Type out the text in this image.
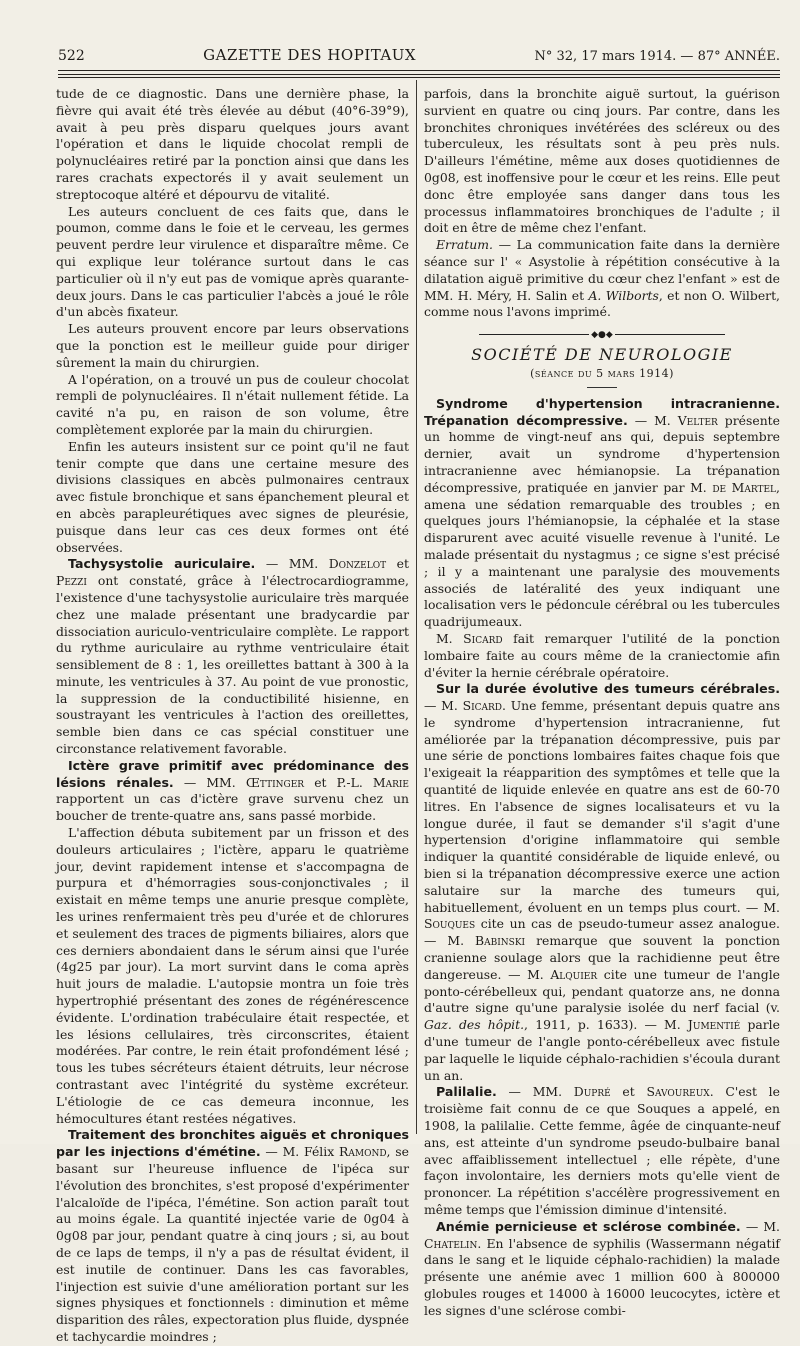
522	GAZETTE DES HOPITAUX	N° 32, 17 mars 1914. — 87° ANNÉE.

tude de ce diagnostic. Dans une dernière phase, la fièvre qui avait été très élevée au début (40°6-39°9), avait à peu près disparu quelques jours avant l'opération et dans le liquide chocolat rempli de polynucléaires retiré par la ponction ainsi que dans les rares crachats expectorés il y avait seulement un streptocoque altéré et dépourvu de vitalité.

Les auteurs concluent de ces faits que, dans le poumon, comme dans le foie et le cerveau, les germes peuvent perdre leur virulence et disparaître même. Ce qui explique leur tolérance surtout dans le cas particulier où il n'y eut pas de vomique après quarante-deux jours. Dans le cas particulier l'abcès a joué le rôle d'un abcès fixateur.

Les auteurs prouvent encore par leurs observations que la ponction est le meilleur guide pour diriger sûrement la main du chirurgien.

A l'opération, on a trouvé un pus de couleur chocolat rempli de polynucléaires. Il n'était nullement fétide. La cavité n'a pu, en raison de son volume, être complètement explorée par la main du chirurgien.

Enfin les auteurs insistent sur ce point qu'il ne faut tenir compte que dans une certaine mesure des divisions classiques en abcès pulmonaires centraux avec fistule bronchique et sans épanchement pleural et en abcès parapleurétiques avec signes de pleurésie, puisque dans leur cas ces deux formes ont été observées.

Tachysystolie auriculaire. — MM. Donzelot et Pezzi ont constaté, grâce à l'électrocardiogramme, l'existence d'une tachysystolie auriculaire très marquée chez une malade présentant une bradycardie par dissociation auriculo-ventriculaire complète. Le rapport du rythme auriculaire au rythme ventriculaire était sensiblement de 8 : 1, les oreillettes battant à 300 à la minute, les ventricules à 37. Au point de vue pronostic, la suppression de la conductibilité hisienne, en soustrayant les ventricules à l'action des oreillettes, semble bien dans ce cas spécial constituer une circonstance relativement favorable.

Ictère grave primitif avec prédominance des lésions rénales. — MM. Œttinger et P.-L. Marie rapportent un cas d'ictère grave survenu chez un boucher de trente-quatre ans, sans passé morbide.

L'affection débuta subitement par un frisson et des douleurs articulaires ; l'ictère, apparu le quatrième jour, devint rapidement intense et s'accompagna de purpura et d'hémorragies sous-conjonctivales ; il existait en même temps une anurie presque complète, les urines renfermaient très peu d'urée et de chlorures et seulement des traces de pigments biliaires, alors que ces derniers abondaient dans le sérum ainsi que l'urée (4g25 par jour). La mort survint dans le coma après huit jours de maladie. L'autopsie montra un foie très hypertrophié présentant des zones de régénérescence évidente. L'ordination trabéculaire était respectée, et les lésions cellulaires, très circonscrites, étaient modérées. Par contre, le rein était profondément lésé ; tous les tubes sécréteurs étaient détruits, leur nécrose contrastant avec l'intégrité du système excréteur. L'étiologie de ce cas demeura inconnue, les hémocultures étant restées négatives.

Traitement des bronchites aiguës et chroniques par les injections d'émétine. — M. Félix Ramond, se basant sur l'heureuse influence de l'ipéca sur l'évolution des bronchites, s'est proposé d'expérimenter l'alcaloïde de l'ipéca, l'émétine. Son action paraît tout au moins égale. La quantité injectée varie de 0g04 à 0g08 par jour, pendant quatre à cinq jours ; si, au bout de ce laps de temps, il n'y a pas de résultat évident, il est inutile de continuer. Dans les cas favorables, l'injection est suivie d'une amélioration portant sur les signes physiques et fonctionnels : diminution et même disparition des râles, expectoration plus fluide, dyspnée et tachycardie moindres ;

parfois, dans la bronchite aiguë surtout, la guérison survient en quatre ou cinq jours. Par contre, dans les bronchites chroniques invétérées des scléreux ou des tuberculeux, les résultats sont à peu près nuls. D'ailleurs l'émétine, même aux doses quotidiennes de 0g08, est inoffensive pour le cœur et les reins. Elle peut donc être employée sans danger dans tous les processus inflammatoires bronchiques de l'adulte ; il doit en être de même chez l'enfant.

Erratum. — La communication faite dans la dernière séance sur l' « Asystolie à répétition consécutive à la dilatation aiguë primitive du cœur chez l'enfant » est de MM. H. Méry, H. Salin et A. Wilborts, et non O. Wilbert, comme nous l'avons imprimé.

◆●◆

SOCIÉTÉ DE NEUROLOGIE

(séance du 5 mars 1914)

Syndrome d'hypertension intracranienne. Trépanation décompressive. — M. Velter présente un homme de vingt-neuf ans qui, depuis septembre dernier, avait un syndrome d'hypertension intracranienne avec hémianopsie. La trépanation décompressive, pratiquée en janvier par M. de Martel, amena une sédation remarquable des troubles ; en quelques jours l'hémianopsie, la céphalée et la stase disparurent avec acuité visuelle revenue à l'unité. Le malade présentait du nystagmus ; ce signe s'est précisé ; il y a maintenant une paralysie des mouvements associés de latéralité des yeux indiquant une localisation vers le pédoncule cérébral ou les tubercules quadrijumeaux.

M. Sicard fait remarquer l'utilité de la ponction lombaire faite au cours même de la craniectomie afin d'éviter la hernie cérébrale opératoire.

Sur la durée évolutive des tumeurs cérébrales. — M. Sicard. Une femme, présentant depuis quatre ans le syndrome d'hypertension intracranienne, fut améliorée par la trépanation décompressive, puis par une série de ponctions lombaires faites chaque fois que l'exigeait la réapparition des symptômes et telle que la quantité de liquide enlevée en quatre ans est de 60-70 litres. En l'absence de signes localisateurs et vu la longue durée, il faut se demander s'il s'agit d'une hypertension d'origine inflammatoire qui semble indiquer la quantité considérable de liquide enlevé, ou bien si la trépanation décompressive exerce une action salutaire sur la marche des tumeurs qui, habituellement, évoluent en un temps plus court. — M. Souques cite un cas de pseudo-tumeur assez analogue. — M. Babinski remarque que souvent la ponction cranienne soulage alors que la rachidienne peut être dangereuse. — M. Alquier cite une tumeur de l'angle ponto-cérébelleux qui, pendant quatorze ans, ne donna d'autre signe qu'une paralysie isolée du nerf facial (v. Gaz. des hôpit., 1911, p. 1633). — M. Jumentié parle d'une tumeur de l'angle ponto-cérébelleux avec fistule par laquelle le liquide céphalo-rachidien s'écoula durant un an.

Palilalie. — MM. Dupré et Savoureux. C'est le troisième fait connu de ce que Souques a appelé, en 1908, la palilalie. Cette femme, âgée de cinquante-neuf ans, est atteinte d'un syndrome pseudo-bulbaire banal avec affaiblissement intellectuel ; elle répète, d'une façon involontaire, les derniers mots qu'elle vient de prononcer. La répétition s'accélère progressivement en même temps que l'émission diminue d'intensité.

Anémie pernicieuse et sclérose combinée. — M. Chatelin. En l'absence de syphilis (Wassermann négatif dans le sang et le liquide céphalo-rachidien) la malade présente une anémie avec 1 million 600 à 800000 globules rouges et 14000 à 16000 leucocytes, ictère et les signes d'une sclérose combi-
